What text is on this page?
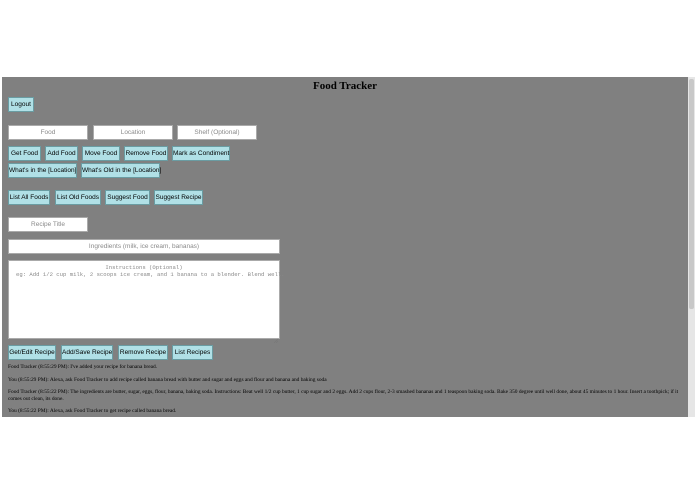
Food Tracker
Logout
Food
Location
Shelf (Optional)
Get Food	Add Food	Move Food	Remove Food Mark as Condiment
What's in the [Location] What's Old in the [Location]
List All Foods	List Old Foods	Suggest Food	Suggest Recipe
Recipe Title
Ingredients (milk, ice cream, bananas)
Instructions (Optional)
eg: Add 1/2 cup milk, 2 scoops ice cream, and 1 banana to a blender. Blend well.
Get/Edit Recipe Add/Save Recipe Remove Recipe	List Recipes
Food Tracker (8:55:29 PM): I've added your recipe for banana bread.
You (8:55:29 PM): Alexa, ask Food Tracker to add recipe called banana bread with butter and sugar and eggs and flour and banana and baking soda
Food Tracker (8:55:22 PM): The ingredients are butter, sugar, eggs, flour, banana, baking soda. Instructions: Beat well 1/2 cup butter, 1 cup sugar and 2 eggs. Add 2 cups flour, 2-3 smashed bananas and 1 teaspoon baking soda. Bake 350 degree until well done, about 45 minutes to 1 hour. Insert a toothpick; if it comes out clean, its done.
You (8:55:22 PM): Alexa, ask Food Tracker to get recipe called banana bread.
